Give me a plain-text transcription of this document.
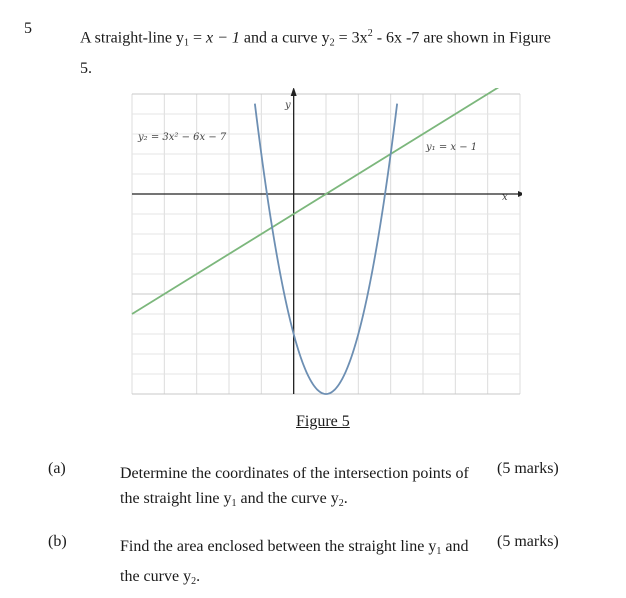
5
A straight-line $y_1 = x - 1$ and a curve $y_2 = 3x^2 - 6x$ -7 are shown in Figure
5.
y
x
y₂ = 3x² − 6x − 7
y₁ = x − 1
Figure 5
(a)	Determine the coordinates of the intersection points of
the straight line $y_1$ and the curve $y_2$.
(5 marks)
(b)	Find the area enclosed between the straight line $y_1$ and
the curve $y_2$.
(5 marks)
